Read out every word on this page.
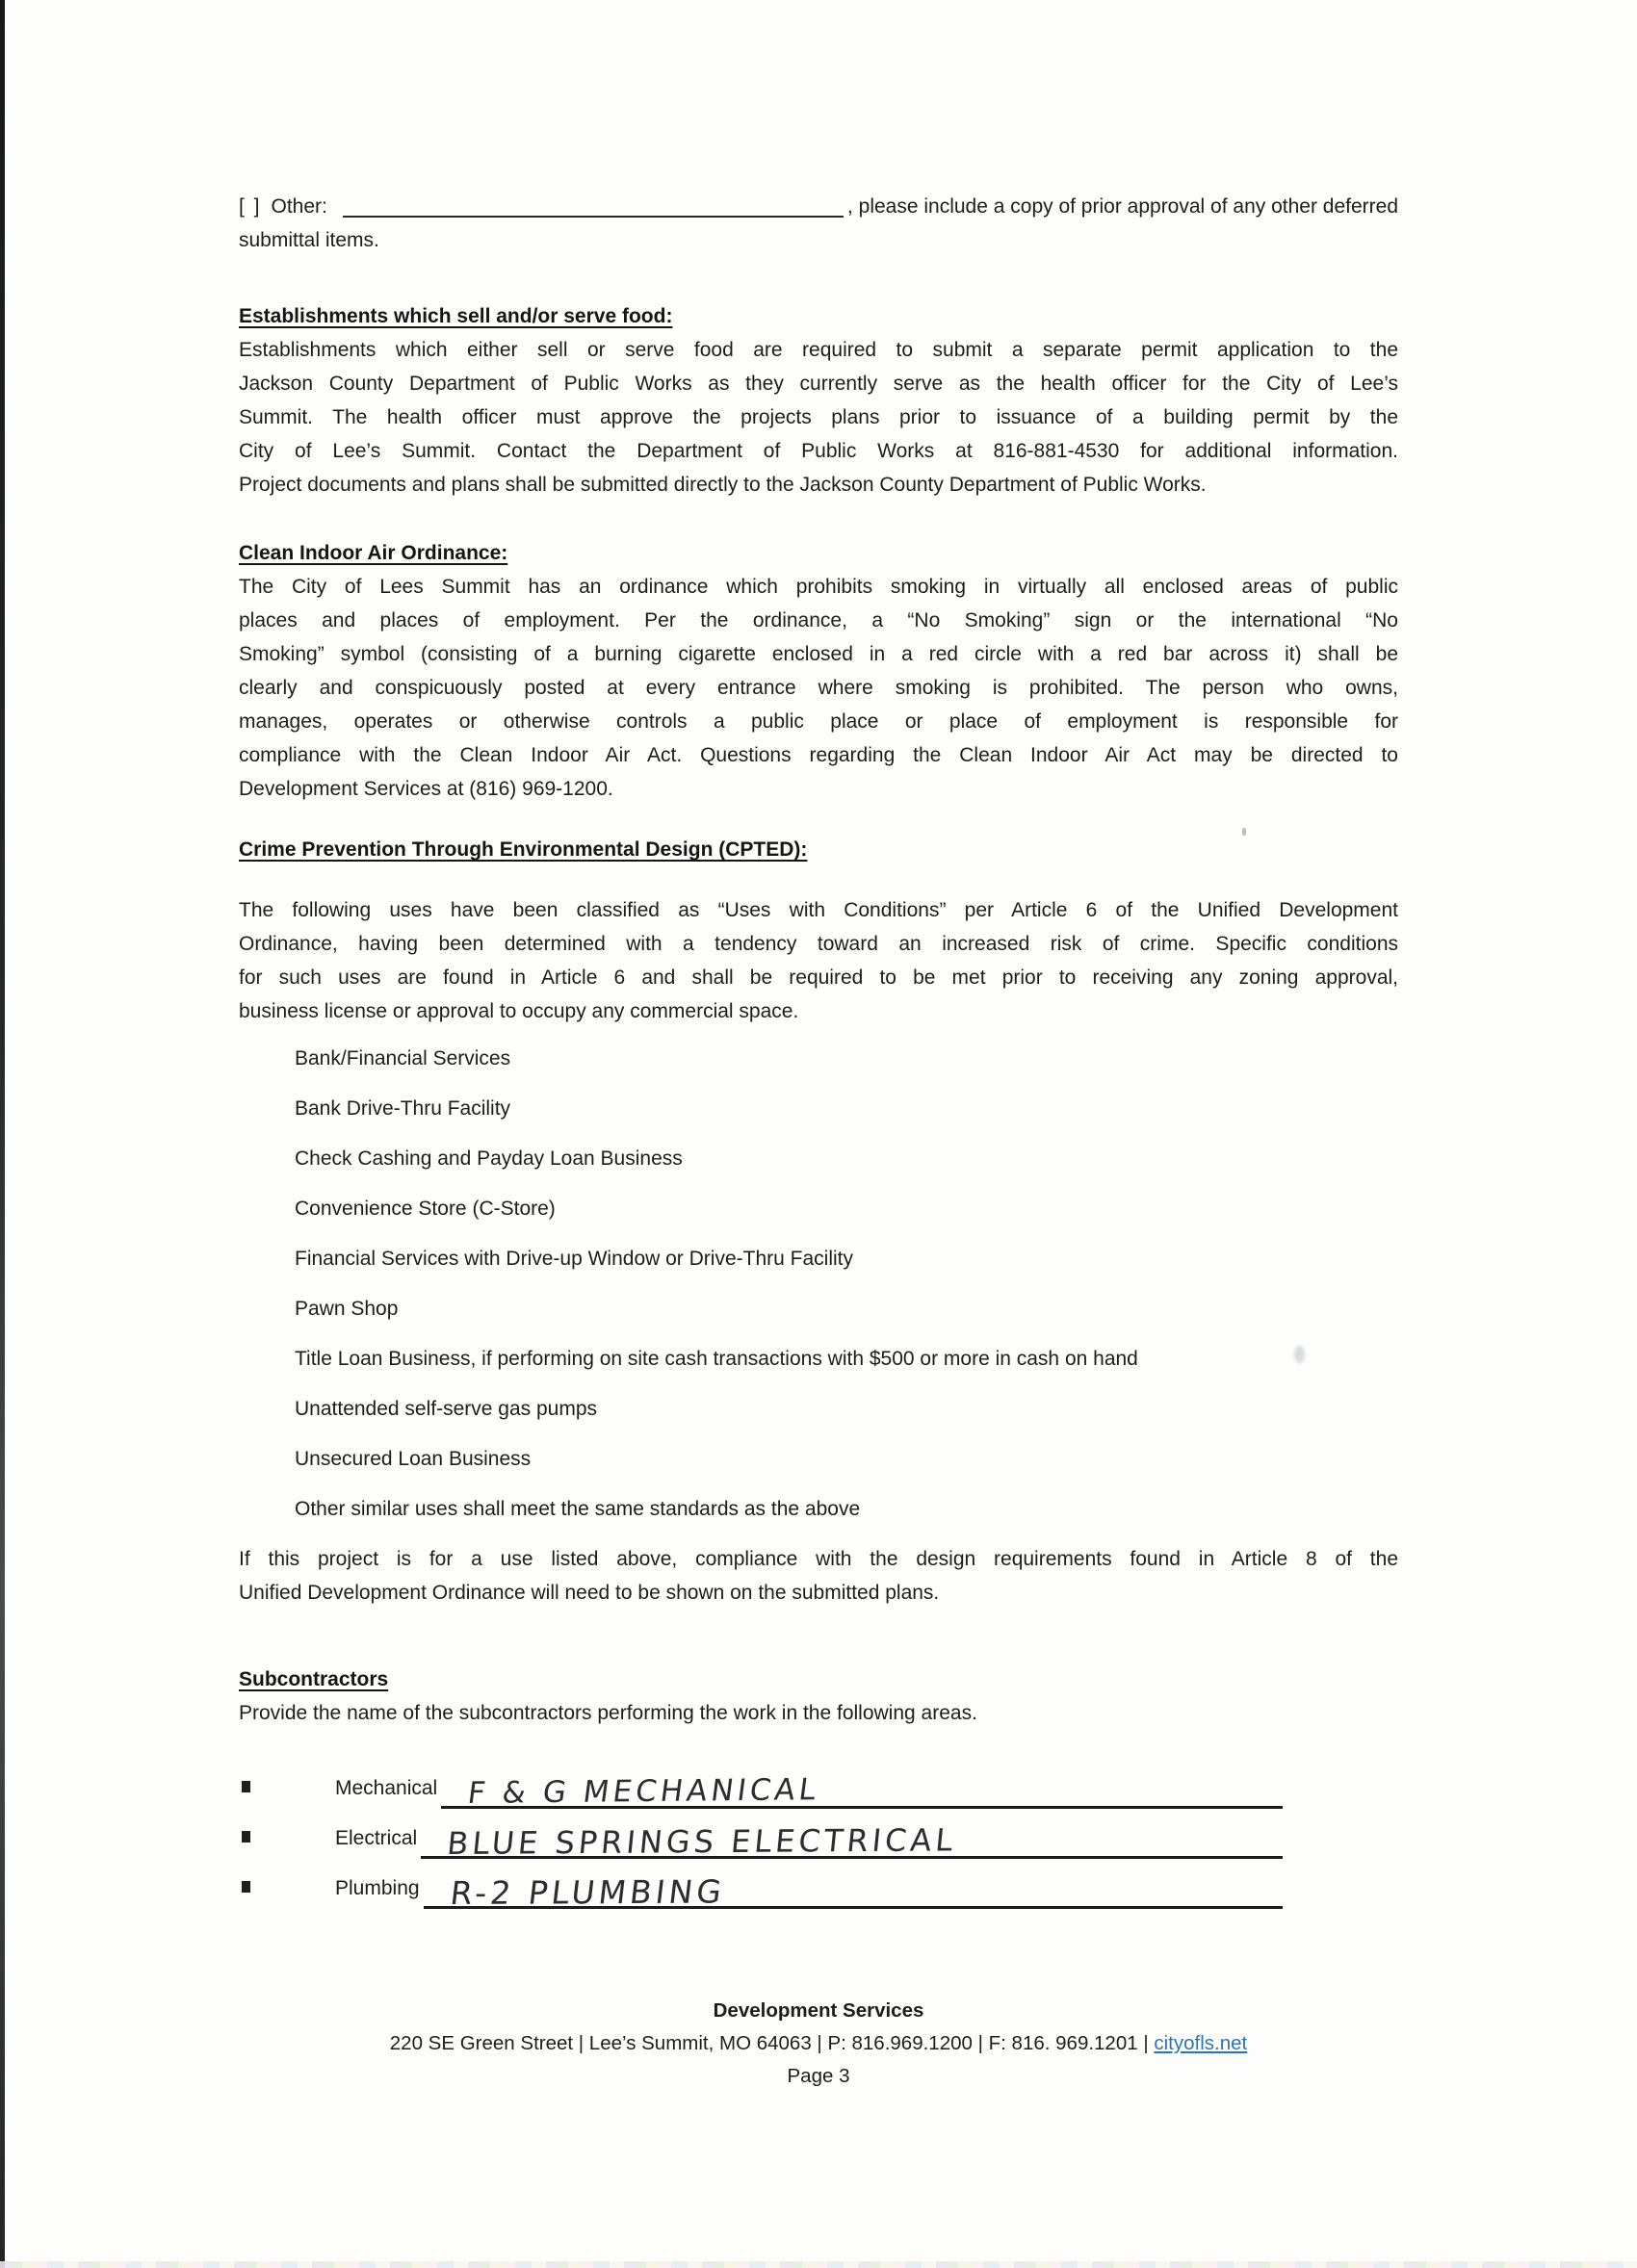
[ ] Other:	, please include a copy of prior approval of any other deferred
submittal items.
Establishments which sell and/or serve food:
Establishments which either sell or serve food are required to submit a separate permit application to the
Jackson County Department of Public Works as they currently serve as the health officer for the City of Lee’s
Summit. The health officer must approve the projects plans prior to issuance of a building permit by the
City of Lee’s Summit. Contact the Department of Public Works at 816-881-4530 for additional information.
Project documents and plans shall be submitted directly to the Jackson County Department of Public Works.
Clean Indoor Air Ordinance:
The City of Lees Summit has an ordinance which prohibits smoking in virtually all enclosed areas of public
places and places of employment. Per the ordinance, a “No Smoking” sign or the international “No
Smoking” symbol (consisting of a burning cigarette enclosed in a red circle with a red bar across it) shall be
clearly and conspicuously posted at every entrance where smoking is prohibited. The person who owns,
manages, operates or otherwise controls a public place or place of employment is responsible for
compliance with the Clean Indoor Air Act. Questions regarding the Clean Indoor Air Act may be directed to
Development Services at (816) 969-1200.
Crime Prevention Through Environmental Design (CPTED):
The following uses have been classified as “Uses with Conditions” per Article 6 of the Unified Development
Ordinance, having been determined with a tendency toward an increased risk of crime. Specific conditions
for such uses are found in Article 6 and shall be required to be met prior to receiving any zoning approval,
business license or approval to occupy any commercial space.
Bank/Financial Services
Bank Drive-Thru Facility
Check Cashing and Payday Loan Business
Convenience Store (C-Store)
Financial Services with Drive-up Window or Drive-Thru Facility
Pawn Shop
Title Loan Business, if performing on site cash transactions with $500 or more in cash on hand
Unattended self-serve gas pumps
Unsecured Loan Business
Other similar uses shall meet the same standards as the above
If this project is for a use listed above, compliance with the design requirements found in Article 8 of the
Unified Development Ordinance will need to be shown on the submitted plans.
Subcontractors
Provide the name of the subcontractors performing the work in the following areas.
Mechanical F & G MECHANICAL
Electrical BLUE SPRINGS ELECTRICAL
Plumbing R-2 PLUMBING
Development Services
220 SE Green Street | Lee’s Summit, MO 64063 | P: 816.969.1200 | F: 816. 969.1201 | cityofls.net
Page 3
